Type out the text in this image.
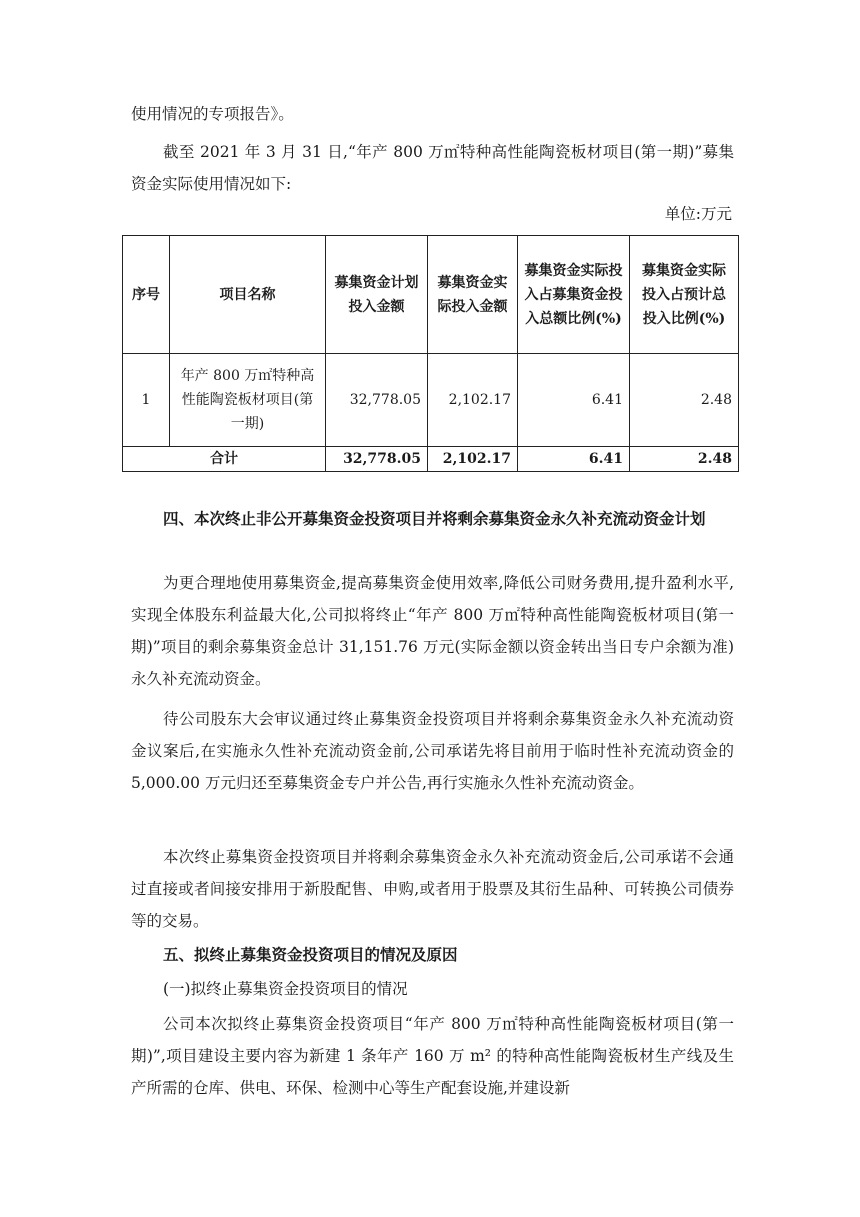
使用情况的专项报告》。

截至 2021 年 3 月 31 日,“年产 800 万㎡特种高性能陶瓷板材项目(第一期)”募集资金实际使用情况如下:

单位:万元
序号	项目名称	募集资金计划投入金额	募集资金实际投入金额	募集资金实际投入占募集资金投入总额比例(%)	募集资金实际投入占预计总投入比例(%)
1	年产 800 万㎡特种高性能陶瓷板材项目(第一期)	32,778.05	2,102.17	6.41	2.48
合计		32,778.05	2,102.17	6.41	2.48

四、本次终止非公开募集资金投资项目并将剩余募集资金永久补充流动资金计划

为更合理地使用募集资金,提高募集资金使用效率,降低公司财务费用,提升盈利水平,实现全体股东利益最大化,公司拟将终止“年产 800 万㎡特种高性能陶瓷板材项目(第一期)”项目的剩余募集资金总计 31,151.76 万元(实际金额以资金转出当日专户余额为准)永久补充流动资金。

待公司股东大会审议通过终止募集资金投资项目并将剩余募集资金永久补充流动资金议案后,在实施永久性补充流动资金前,公司承诺先将目前用于临时性补充流动资金的 5,000.00 万元归还至募集资金专户并公告,再行实施永久性补充流动资金。

本次终止募集资金投资项目并将剩余募集资金永久补充流动资金后,公司承诺不会通过直接或者间接安排用于新股配售、申购,或者用于股票及其衍生品种、可转换公司债券等的交易。

五、拟终止募集资金投资项目的情况及原因

(一)拟终止募集资金投资项目的情况

公司本次拟终止募集资金投资项目“年产 800 万㎡特种高性能陶瓷板材项目(第一期)”,项目建设主要内容为新建 1 条年产 160 万 m² 的特种高性能陶瓷板材生产线及生产所需的仓库、供电、环保、检测中心等生产配套设施,并建设新
